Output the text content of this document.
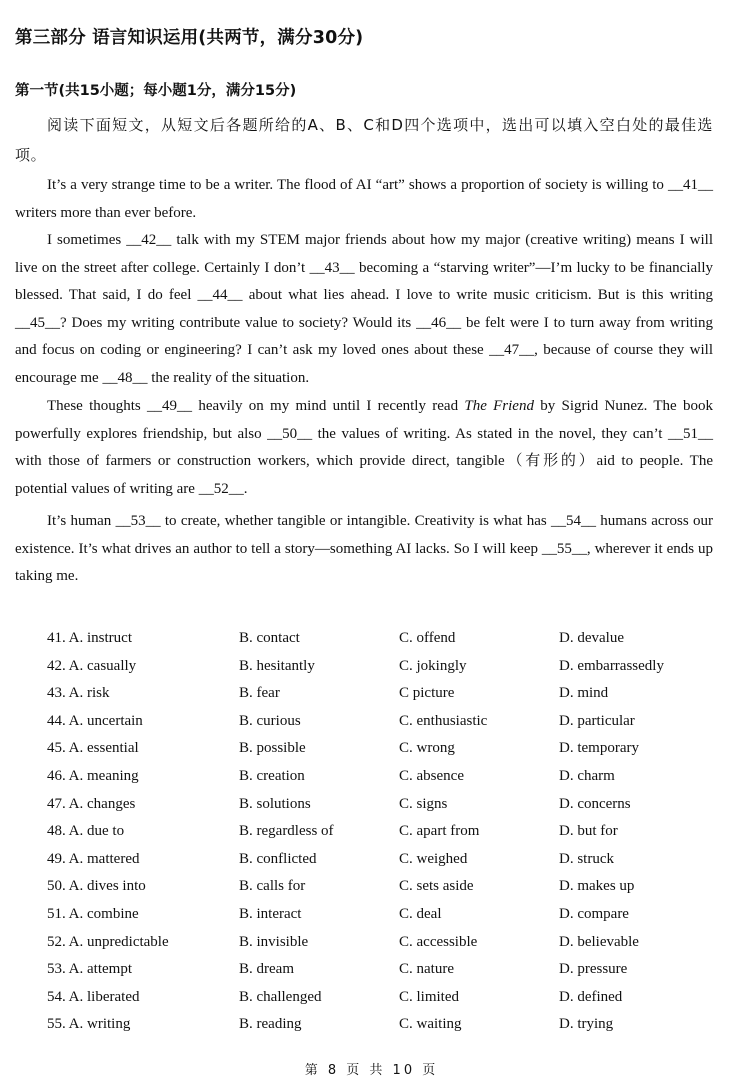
第三部分 语言知识运用(共两节，满分30分)
第一节(共15小题；每小题1分，满分15分)

阅读下面短文，从短文后各题所给的A、B、C和D四个选项中，选出可以填入空白处的最佳选项。

It’s a very strange time to be a writer. The flood of AI “art” shows a proportion of society is willing to __41__ writers more than ever before.

I sometimes __42__ talk with my STEM major friends about how my major (creative writing) means I will live on the street after college. Certainly I don’t __43__ becoming a “starving writer”—I’m lucky to be financially blessed. That said, I do feel __44__ about what lies ahead. I love to write music criticism. But is this writing __45__? Does my writing contribute value to society? Would its __46__ be felt were I to turn away from writing and focus on coding or engineering? I can’t ask my loved ones about these __47__, because of course they will encourage me __48__ the reality of the situation.

These thoughts __49__ heavily on my mind until I recently read The Friend by Sigrid Nunez. The book powerfully explores friendship, but also __50__ the values of writing. As stated in the novel, they can’t __51__ with those of farmers or construction workers, which provide direct, tangible（有形的）aid to people. The potential values of writing are __52__.

It’s human __53__ to create, whether tangible or intangible. Creativity is what has __54__ humans across our existence. It’s what drives an author to tell a story—something AI lacks. So I will keep __55__, wherever it ends up taking me.

41. A. instruct	B. contact	C. offend	D. devalue
42. A. casually	B. hesitantly	C. jokingly	D. embarrassedly
43. A. risk	B. fear	C picture	D. mind
44. A. uncertain	B. curious	C. enthusiastic	D. particular
45. A. essential	B. possible	C. wrong	D. temporary
46. A. meaning	B. creation	C. absence	D. charm
47. A. changes	B. solutions	C. signs	D. concerns
48. A. due to	B. regardless of	C. apart from	D. but for
49. A. mattered	B. conflicted	C. weighed	D. struck
50. A. dives into	B. calls for	C. sets aside	D. makes up
51. A. combine	B. interact	C. deal	D. compare
52. A. unpredictable	B. invisible	C. accessible	D. believable
53. A. attempt	B. dream	C. nature	D. pressure
54. A. liberated	B. challenged	C. limited	D. defined
55. A. writing	B. reading	C. waiting	D. trying
第 8 页 共 10 页
